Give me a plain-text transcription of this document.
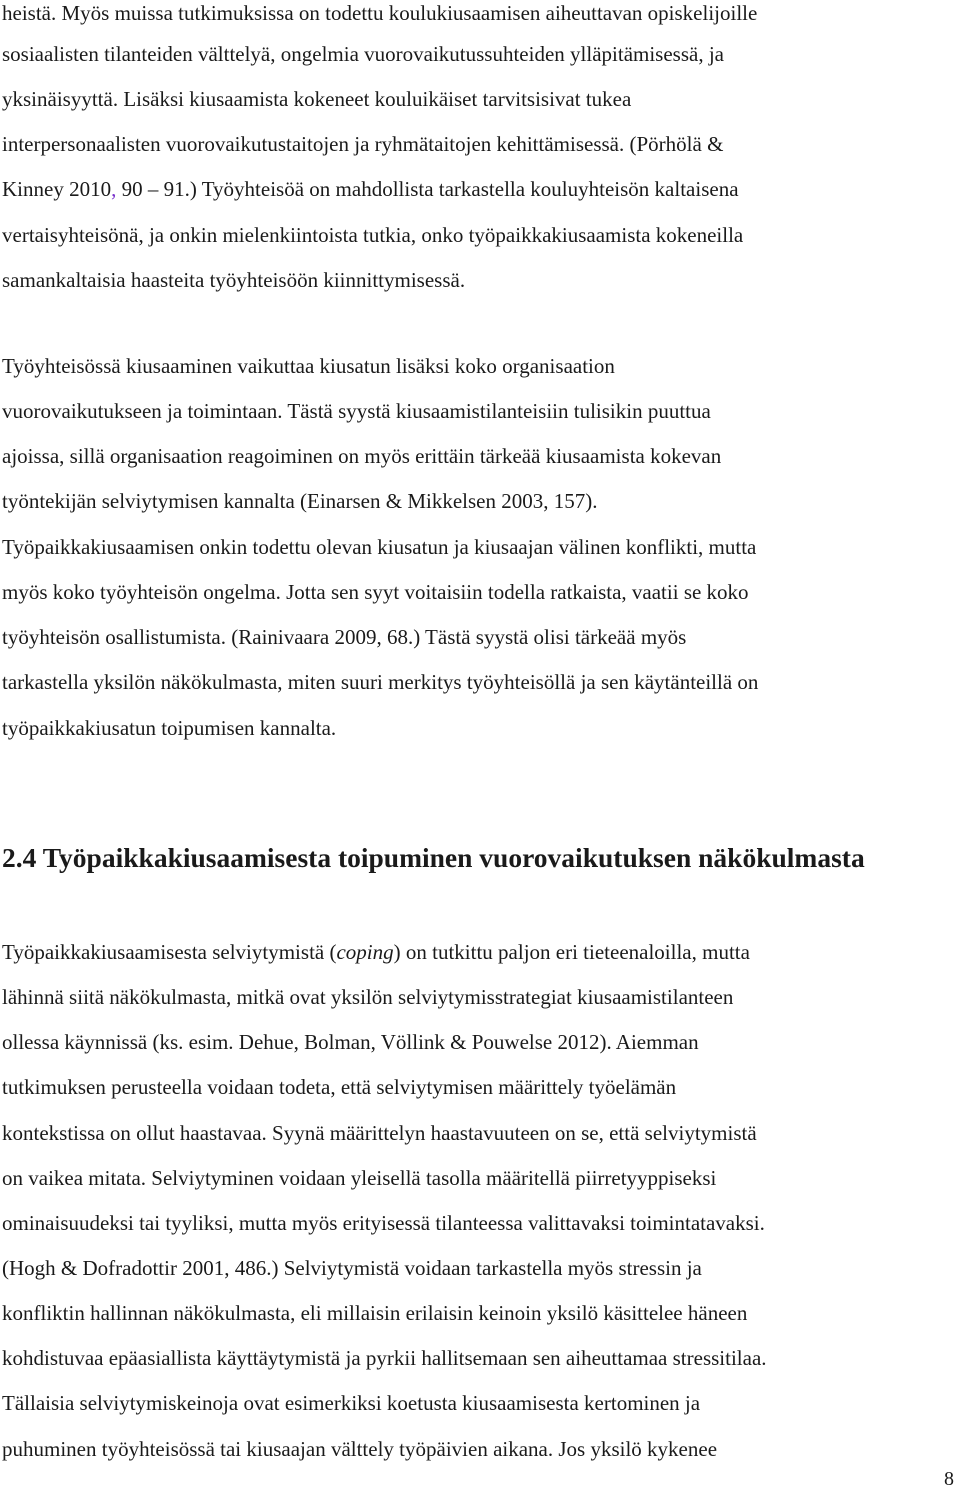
heistä. Myös muissa tutkimuksissa on todettu koulukiusaamisen aiheuttavan opiskelijoille
sosiaalisten tilanteiden välttelyä, ongelmia vuorovaikutussuhteiden ylläpitämisessä, ja
yksinäisyyttä. Lisäksi kiusaamista kokeneet kouluikäiset tarvitsisivat tukea
interpersonaalisten vuorovaikutustaitojen ja ryhmätaitojen kehittämisessä. (Pörhölä &
Kinney 2010, 90 – 91.) Työyhteisöä on mahdollista tarkastella kouluyhteisön kaltaisena
vertaisyhteisönä, ja onkin mielenkiintoista tutkia, onko työpaikkakiusaamista kokeneilla
samankaltaisia haasteita työyhteisöön kiinnittymisessä.
Työyhteisössä kiusaaminen vaikuttaa kiusatun lisäksi koko organisaation
vuorovaikutukseen ja toimintaan. Tästä syystä kiusaamistilanteisiin tulisikin puuttua
ajoissa, sillä organisaation reagoiminen on myös erittäin tärkeää kiusaamista kokevan
työntekijän selviytymisen kannalta (Einarsen & Mikkelsen 2003, 157).
Työpaikkakiusaamisen onkin todettu olevan kiusatun ja kiusaajan välinen konflikti, mutta
myös koko työyhteisön ongelma. Jotta sen syyt voitaisiin todella ratkaista, vaatii se koko
työyhteisön osallistumista. (Rainivaara 2009, 68.) Tästä syystä olisi tärkeää myös
tarkastella yksilön näkökulmasta, miten suuri merkitys työyhteisöllä ja sen käytänteillä on
työpaikkakiusatun toipumisen kannalta.
2.4 Työpaikkakiusaamisesta toipuminen vuorovaikutuksen näkökulmasta
Työpaikkakiusaamisesta selviytymistä (coping) on tutkittu paljon eri tieteenaloilla, mutta
lähinnä siitä näkökulmasta, mitkä ovat yksilön selviytymisstrategiat kiusaamistilanteen
ollessa käynnissä (ks. esim. Dehue, Bolman, Völlink & Pouwelse 2012). Aiemman
tutkimuksen perusteella voidaan todeta, että selviytymisen määrittely työelämän
kontekstissa on ollut haastavaa. Syynä määrittelyn haastavuuteen on se, että selviytymistä
on vaikea mitata. Selviytyminen voidaan yleisellä tasolla määritellä piirretyyppiseksi
ominaisuudeksi tai tyyliksi, mutta myös erityisessä tilanteessa valittavaksi toimintatavaksi.
(Hogh & Dofradottir 2001, 486.) Selviytymistä voidaan tarkastella myös stressin ja
konfliktin hallinnan näkökulmasta, eli millaisin erilaisin keinoin yksilö käsittelee häneen
kohdistuvaa epäasiallista käyttäytymistä ja pyrkii hallitsemaan sen aiheuttamaa stressitilaa.
Tällaisia selviytymiskeinoja ovat esimerkiksi koetusta kiusaamisesta kertominen ja
puhuminen työyhteisössä tai kiusaajan välttely työpäivien aikana. Jos yksilö kykenee
8
